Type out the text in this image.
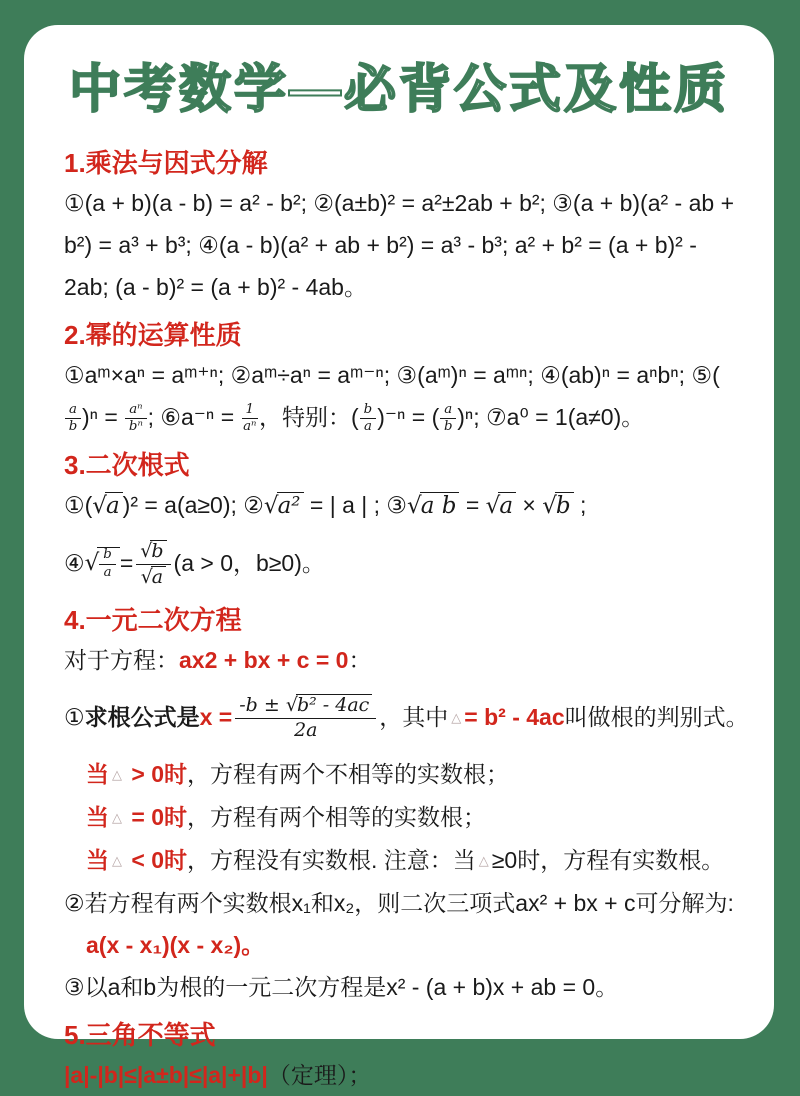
中考数学—必背公式及性质
1.乘法与因式分解

①(a + b)(a - b) = a² - b²; ②(a±b)² = a²±2ab + b²; ③(a + b)(a² - ab + b²) = a³ + b³; ④(a - b)(a² + ab + b²) = a³ - b³; a² + b² = (a + b)² - 2ab; (a - b)² = (a + b)² - 4ab。

2.幂的运算性质

①aᵐ×aⁿ = aᵐ⁺ⁿ; ②aᵐ÷aⁿ = aᵐ⁻ⁿ; ③(aᵐ)ⁿ = aᵐⁿ; ④(ab)ⁿ = aⁿbⁿ; ⑤(
$\frac{a}{b} )^n = \frac{\text{aⁿ}}{\text{bⁿ}}$ ; ⑥a⁻ⁿ = $\frac{1}{\text{aⁿ}}$ ，特别：( $\frac{b}{a} )^{-n}$ = ( $\frac{a}{b} )^n$; ⑦a⁰ = 1(a≠0)。

3.二次根式

①(√a )² = a(a≥0); ②√a² = | a | ; ③√a b = √a × √b ;

④ √ $\frac{b}{a} = \frac{√b}{√a} (a > 0$，b≥0)。
4.一元二次方程

对于方程：ax2 + bx + c = 0：

① 求根公式是 $x = \frac{\text{-b ± √b² - 4ac}}{2a}$ ，其中 △ = b² - 4ac 叫做根的判别式。

当 △ > 0时，方程有两个不相等的实数根；

当 △ = 0时，方程有两个相等的实数根；

当 △ < 0时，方程没有实数根. 注意：当 △ ≥0时，方程有实数根。

②若方程有两个实数根x₁和x₂，则二次三项式ax² + bx + c可分解为:

a(x - x₁)(x - x₂)。

③以a和b为根的一元二次方程是x² - (a + b)x + ab = 0。

5.三角不等式

|a|-|b|≤|a±b|≤|a|+|b|（定理）；
